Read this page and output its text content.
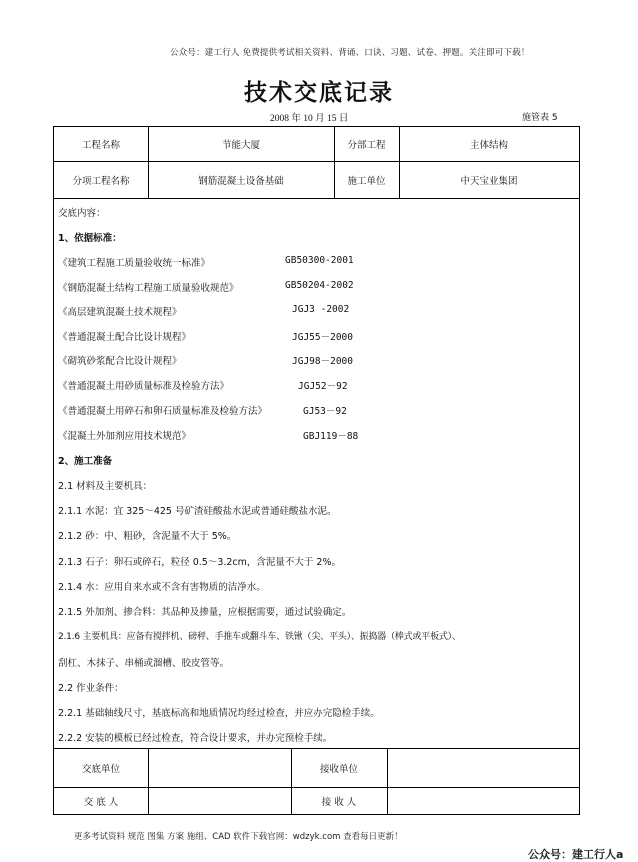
公众号：建工行人 免费提供考试相关资料、背诵、口诀、习题、试卷、押题。关注即可下载！
技术交底记录
2008 年 10 月 15 日	施管表 5
工程名称	节能大厦	分部工程	主体结构
分项工程名称	钢筋混凝土设备基础	施工单位	中天宝业集团
交底单位	接收单位
交 底 人	接 收 人
交底内容：
1、依据标准：
《建筑工程施工质量验收统一标准》	GB50300-2001
《钢筋混凝土结构工程施工质量验收规范》	GB50204-2002
《高层建筑混凝土技术规程》	JGJ3 -2002
《普通混凝土配合比设计规程》	JGJ55－2000
《砌筑砂浆配合比设计规程》	JGJ98－2000
《普通混凝土用砂质量标准及检验方法》	JGJ52－92
《普通混凝土用碎石和卵石质量标准及检验方法》	GJ53－92
《混凝土外加剂应用技术规范》	GBJ119－88
2、施工准备
2.1 材料及主要机具：
2.1.1 水泥：宜 325～425 号矿渣硅酸盐水泥或普通硅酸盐水泥。
2.1.2 砂：中、粗砂，含泥量不大于 5%。
2.1.3 石子：卵石或碎石，粒径 0.5～3.2cm，含泥量不大于 2%。
2.1.4 水：应用自来水或不含有害物质的洁净水。
2.1.5 外加剂、掺合料：其品种及掺量，应根据需要，通过试验确定。
2.1.6 主要机具：应备有搅拌机、磅秤、手推车或翻斗车、铁锹（尖、平头）、振捣器（棒式或平板式）、
刮杠、木抹子、串桶或溜槽、胶皮管等。
2.2 作业条件：
2.2.1 基础轴线尺寸，基底标高和地质情况均经过检查，并应办完隐检手续。
2.2.2 安装的模板已经过检查，符合设计要求，并办完预检手续。
更多考试资料 规范 图集 方案 施组、CAD 软件下载官网：wdzyk.com 查看每日更新！
公众号：建工行人a
